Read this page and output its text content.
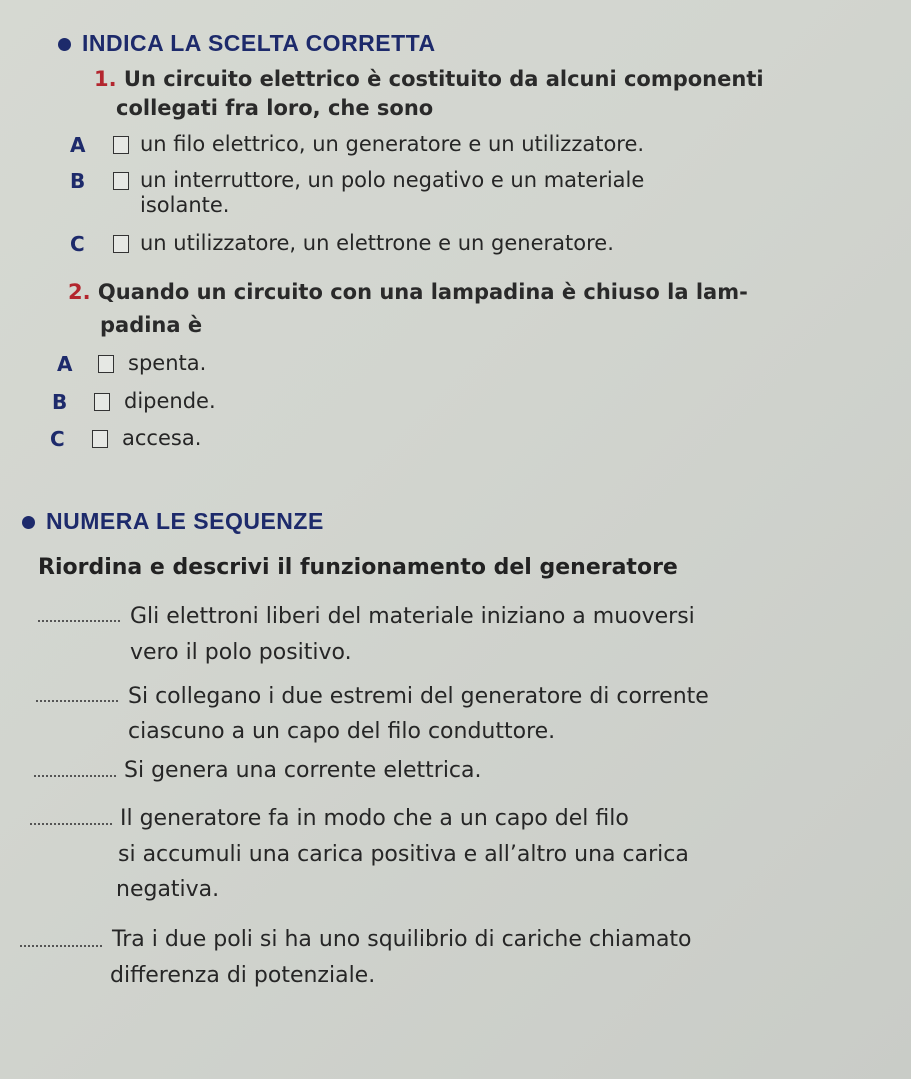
INDICA LA SCELTA CORRETTA
1. Un circuito elettrico è costituito da alcuni componenti
collegati fra loro, che sono
A	un filo elettrico, un generatore e un utilizzatore.
B	un interruttore, un polo negativo e un materiale
isolante.
C	un utilizzatore, un elettrone e un generatore.
2. Quando un circuito con una lampadina è chiuso la lam-
padina è
A	spenta.
B	dipende.
C	accesa.
NUMERA LE SEQUENZE
Riordina e descrivi il funzionamento del generatore
Gli elettroni liberi del materiale iniziano a muoversi
vero il polo positivo.
Si collegano i due estremi del generatore di corrente
ciascuno a un capo del filo conduttore.
Si genera una corrente elettrica.
Il generatore fa in modo che a un capo del filo
si accumuli una carica positiva e all’altro una carica
negativa.
Tra i due poli si ha uno squilibrio di cariche chiamato
differenza di potenziale.
